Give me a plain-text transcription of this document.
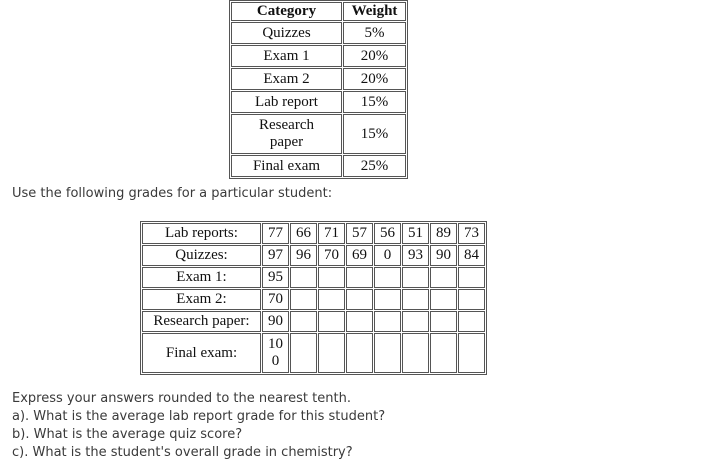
Category	Weight
Quizzes	5%
Exam 1	20%
Exam 2	20%
Lab report	15%

Research paper	15%
Final exam	25%
Use the following grades for a particular student:
Lab reports:	77	66	71	57	56	51	89	73
Quizzes:	97	96	70	69	0	93	90	84
Exam 1:	95							
Exam 2:	70							
Research paper:	90							
Final exam:	100							

Express your answers rounded to the nearest tenth.
a). What is the average lab report grade for this student?
b). What is the average quiz score?
c). What is the student's overall grade in chemistry?
